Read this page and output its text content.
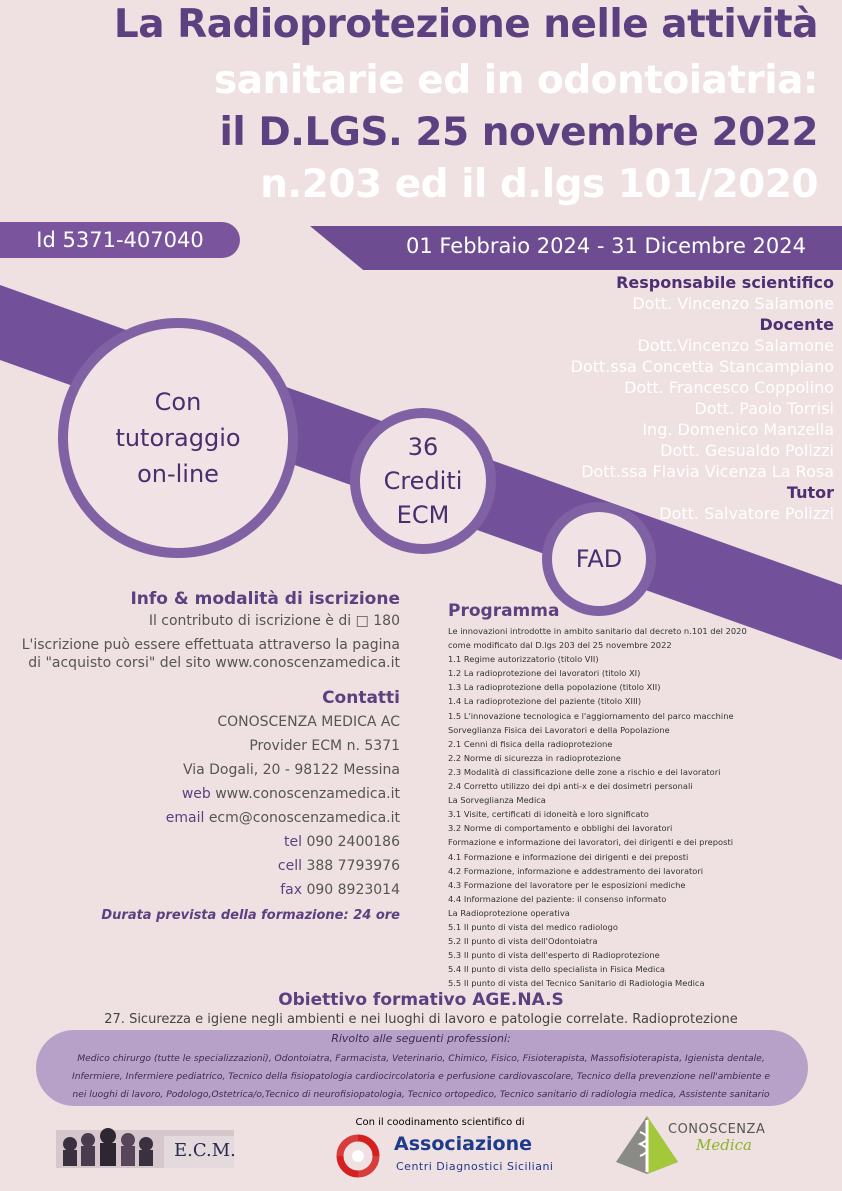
La Radioprotezione nelle attività
sanitarie ed in odontoiatria:
il D.LGS. 25 novembre 2022
n.203 ed il d.lgs 101/2020
Id 5371-407040	01 Febbraio 2024 - 31 Dicembre 2024
Con
tutoraggio
on-line
36
Crediti
ECM
FAD
Responsabile scientifico
Dott. Vincenzo Salamone
Docente
Dott.Vincenzo Salamone
Dott.ssa Concetta Stancampiano
Dott. Francesco Coppolino
Dott. Paolo Torrisi
Ing. Domenico Manzella
Dott. Gesualdo Polizzi
Dott.ssa Flavia Vicenza La Rosa
Tutor
Dott. Salvatore Polizzi
Info & modalità di iscrizione
Il contributo di iscrizione è di □ 180
L'iscrizione può essere effettuata attraverso la pagina
di "acquisto corsi" del sito www.conoscenzamedica.it
Contatti
CONOSCENZA MEDICA AC
Provider ECM n. 5371
Via Dogali, 20 - 98122 Messina
web www.conoscenzamedica.it
email ecm@conoscenzamedica.it
tel 090 2400186
cell 388 7793976
fax 090 8923014
Durata prevista della formazione: 24 ore
Programma
Le innovazioni introdotte in ambito sanitario dal decreto n.101 del 2020
come modificato dal D.lgs 203 del 25 novembre 2022
1.1 Regime autorizzatorio (titolo VII)
1.2 La radioprotezione dei lavoratori (titolo XI)
1.3 La radioprotezione della popolazione (titolo XII)
1.4 La radioprotezione del paziente (titolo XIII)
1.5 L'innovazione tecnologica e l'aggiornamento del parco macchine
Sorveglianza Fisica dei Lavoratori e della Popolazione
2.1 Cenni di fisica della radioprotezione
2.2 Norme di sicurezza in radioprotezione
2.3 Modalità di classificazione delle zone a rischio e dei lavoratori
2.4 Corretto utilizzo dei dpi anti-x e dei dosimetri personali
La Sorveglianza Medica
3.1 Visite, certificati di idoneità e loro significato
3.2 Norme di comportamento e obblighi dei lavoratori
Formazione e informazione dei lavoratori, dei dirigenti e dei preposti
4.1 Formazione e informazione dei dirigenti e dei preposti
4.2 Formazione, informazione e addestramento dei lavoratori
4.3 Formazione del lavoratore per le esposizioni mediche
4.4 Informazione del paziente: il consenso informato
La Radioprotezione operativa
5.1 Il punto di vista del medico radiologo
5.2 Il punto di vista dell'Odontoiatra
5.3 Il punto di vista dell'esperto di Radioprotezione
5.4 Il punto di vista dello specialista in Fisica Medica
5.5 Il punto di vista del Tecnico Sanitario di Radiologia Medica
Obiettivo formativo AGE.NA.S
27. Sicurezza e igiene negli ambienti e nei luoghi di lavoro e patologie correlate. Radioprotezione
Rivolto alle seguenti professioni:
Medico chirurgo (tutte le specializzazioni), Odontoiatra, Farmacista, Veterinario, Chimico, Fisico, Fisioterapista, Massofisioterapista, Igienista dentale, Infermiere, Infermiere pediatrico, Tecnico della fisiopatologia cardiocircolatoria e perfusione cardiovascolare, Tecnico della prevenzione nell'ambiente e nei luoghi di lavoro, Podologo,Ostetrica/o,Tecnico di neurofisiopatologia, Tecnico ortopedico, Tecnico sanitario di radiologia medica, Assistente sanitario
E.C.M.
Con il coodinamento scientifico di
Associazione
Centri Diagnostici Siciliani
CONOSCENZA
Medica
